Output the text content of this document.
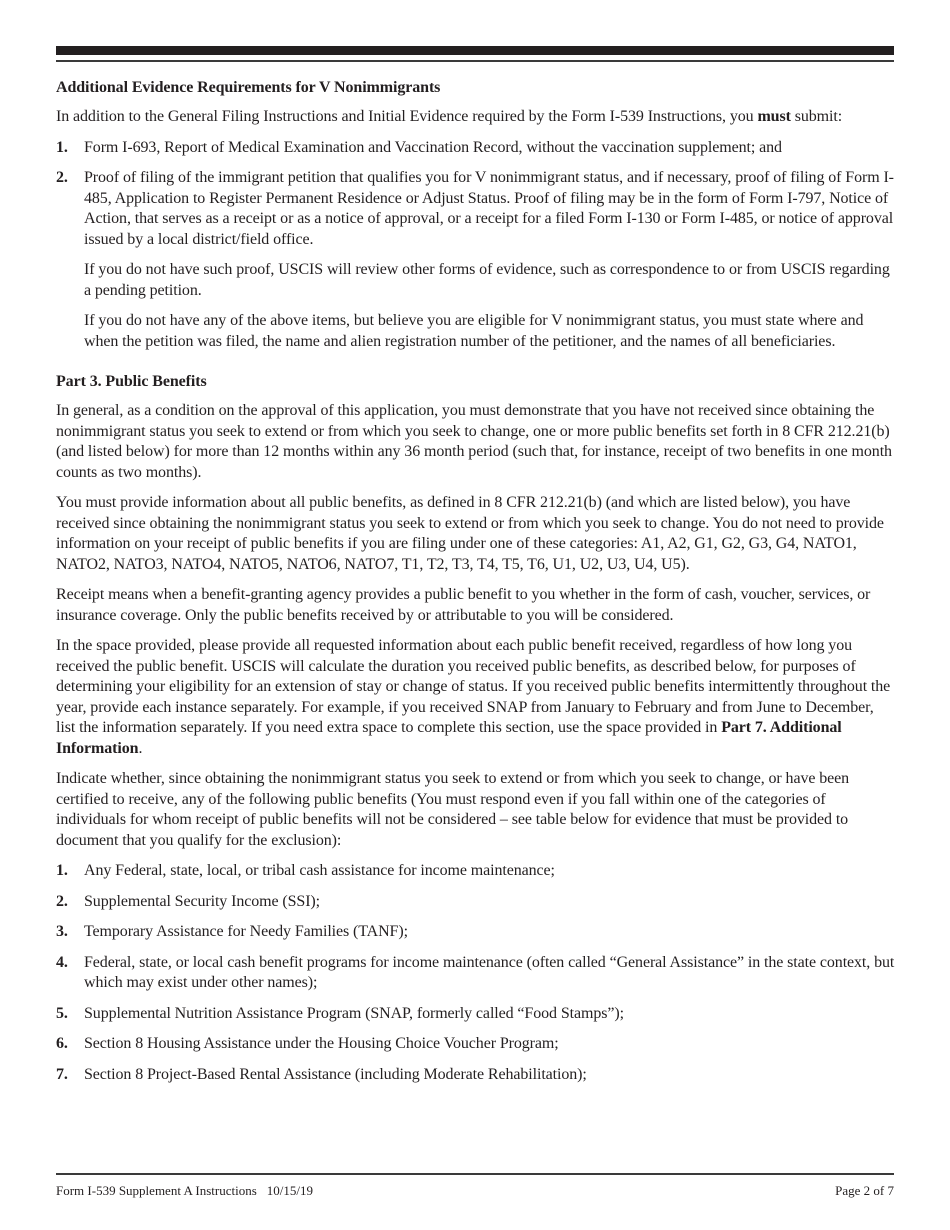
Additional Evidence Requirements for V Nonimmigrants

In addition to the General Filing Instructions and Initial Evidence required by the Form I-539 Instructions, you must submit:

1.	Form I-693, Report of Medical Examination and Vaccination Record, without the vaccination supplement; and
2.	Proof of filing of the immigrant petition that qualifies you for V nonimmigrant status, and if necessary, proof of filing of Form I-485, Application to Register Permanent Residence or Adjust Status. Proof of filing may be in the form of Form I-797, Notice of Action, that serves as a receipt or as a notice of approval, or a receipt for a filed Form I-130 or Form I-485, or notice of approval issued by a local district/field office.

If you do not have such proof, USCIS will review other forms of evidence, such as correspondence to or from USCIS regarding a pending petition.

If you do not have any of the above items, but believe you are eligible for V nonimmigrant status, you must state where and when the petition was filed, the name and alien registration number of the petitioner, and the names of all beneficiaries.

Part 3. Public Benefits

In general, as a condition on the approval of this application, you must demonstrate that you have not received since obtaining the nonimmigrant status you seek to extend or from which you seek to change, one or more public benefits set forth in 8 CFR 212.21(b) (and listed below) for more than 12 months within any 36 month period (such that, for instance, receipt of two benefits in one month counts as two months).

You must provide information about all public benefits, as defined in 8 CFR 212.21(b) (and which are listed below), you have received since obtaining the nonimmigrant status you seek to extend or from which you seek to change. You do not need to provide information on your receipt of public benefits if you are filing under one of these categories: A1, A2, G1, G2, G3, G4, NATO1, NATO2, NATO3, NATO4, NATO5, NATO6, NATO7, T1, T2, T3, T4, T5, T6, U1, U2, U3, U4, U5).

Receipt means when a benefit-granting agency provides a public benefit to you whether in the form of cash, voucher, services, or insurance coverage. Only the public benefits received by or attributable to you will be considered.

In the space provided, please provide all requested information about each public benefit received, regardless of how long you received the public benefit. USCIS will calculate the duration you received public benefits, as described below, for purposes of determining your eligibility for an extension of stay or change of status. If you received public benefits intermittently throughout the year, provide each instance separately. For example, if you received SNAP from January to February and from June to December, list the information separately. If you need extra space to complete this section, use the space provided in Part 7. Additional Information.

Indicate whether, since obtaining the nonimmigrant status you seek to extend or from which you seek to change, or have been certified to receive, any of the following public benefits (You must respond even if you fall within one of the categories of individuals for whom receipt of public benefits will not be considered – see table below for evidence that must be provided to document that you qualify for the exclusion):

1.	Any Federal, state, local, or tribal cash assistance for income maintenance;
2.	Supplemental Security Income (SSI);
3.	Temporary Assistance for Needy Families (TANF);
4.	Federal, state, or local cash benefit programs for income maintenance (often called “General Assistance” in the state context, but which may exist under other names);
5.	Supplemental Nutrition Assistance Program (SNAP, formerly called “Food Stamps”);
6.	Section 8 Housing Assistance under the Housing Choice Voucher Program;
7.	Section 8 Project-Based Rental Assistance (including Moderate Rehabilitation);
Form I-539 Supplement A Instructions 10/15/19	Page 2 of 7
